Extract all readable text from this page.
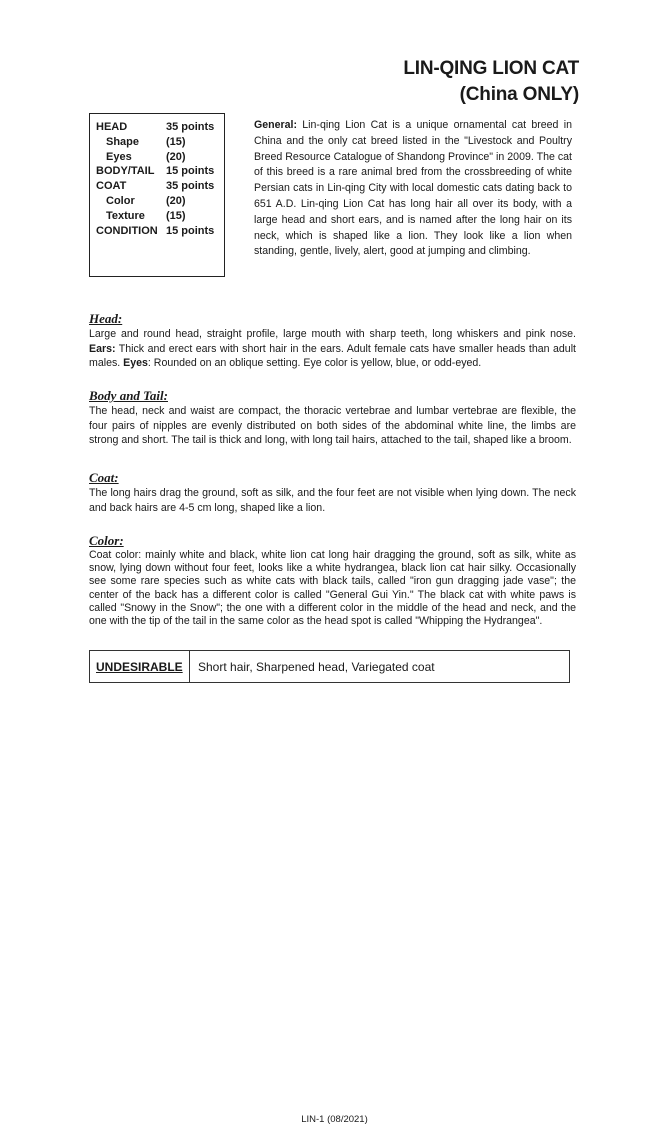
LIN-QING LION CAT
(China ONLY)
HEAD	35 points
Shape	(15)
Eyes	(20)
BODY/TAIL	15 points
COAT	35 points
Color	(20)
Texture	(15)
CONDITION 15 points
General: Lin-qing Lion Cat is a unique ornamental cat breed in China and the only cat breed listed in the "Livestock and Poultry Breed Resource Catalogue of Shandong Province" in 2009. The cat of this breed is a rare animal bred from the crossbreeding of white Persian cats in Lin-qing City with local domestic cats dating back to 651 A.D. Lin-qing Lion Cat has long hair all over its body, with a large head and short ears, and is named after the long hair on its neck, which is shaped like a lion. They look like a lion when standing, gentle, lively, alert, good at jumping and climbing.
Head:

Large and round head, straight profile, large mouth with sharp teeth, long whiskers and pink nose. Ears: Thick and erect ears with short hair in the ears. Adult female cats have smaller heads than adult males. Eyes: Rounded on an oblique setting. Eye color is yellow, blue, or odd-eyed.

Body and Tail:

The head, neck and waist are compact, the thoracic vertebrae and lumbar vertebrae are flexible, the four pairs of nipples are evenly distributed on both sides of the abdominal white line, the limbs are strong and short. The tail is thick and long, with long tail hairs, attached to the tail, shaped like a broom.

Coat:

The long hairs drag the ground, soft as silk, and the four feet are not visible when lying down. The neck and back hairs are 4-5 cm long, shaped like a lion.

Color:

Coat color: mainly white and black, white lion cat long hair dragging the ground, soft as silk, white as snow, lying down without four feet, looks like a white hydrangea, black lion cat hair silky. Occasionally see some rare species such as white cats with black tails, called "iron gun dragging jade vase"; the center of the back has a different color is called "General Gui Yin." The black cat with white paws is called "Snowy in the Snow"; the one with a different color in the middle of the head and neck, and the one with the tip of the tail in the same color as the head spot is called "Whipping the Hydrangea".

UNDESIRABLE	Short hair, Sharpened head, Variegated coat
LIN-1 (08/2021)
